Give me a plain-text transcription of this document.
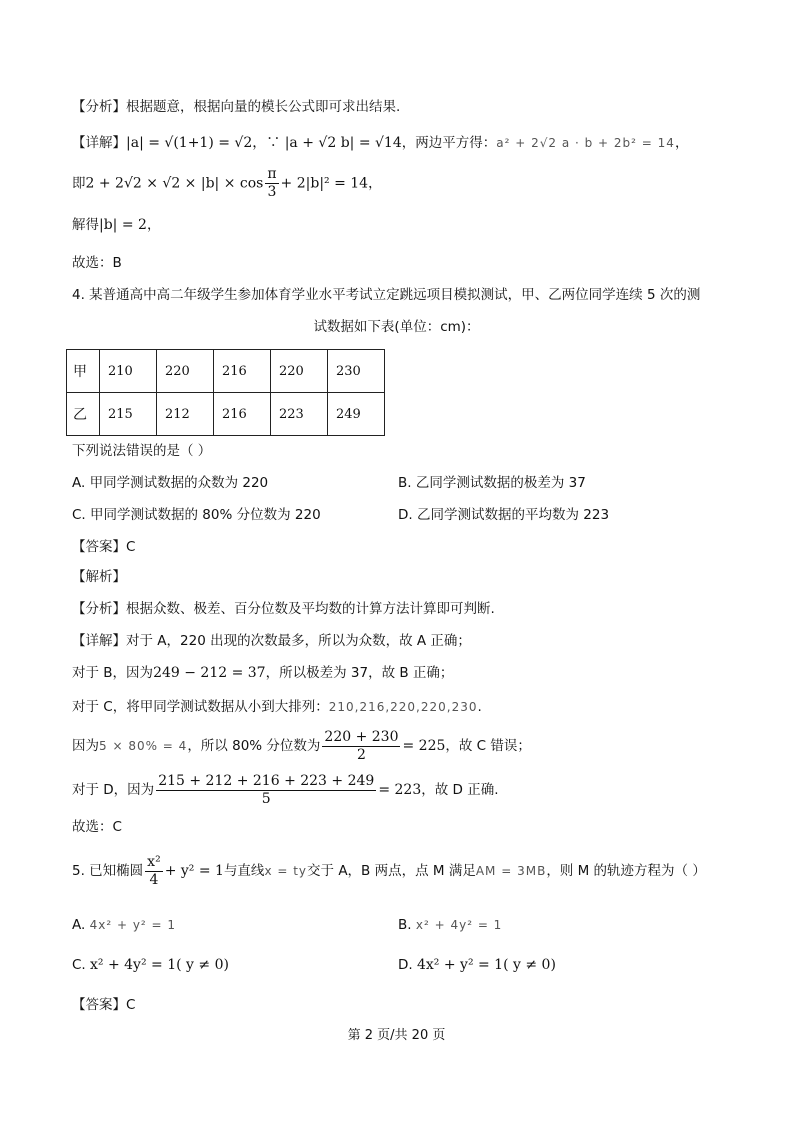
【分析】根据题意，根据向量的模长公式即可求出结果.
【详解】|a| = √(1+1) = √2，∵ |a + √2 b| = √14，两边平方得：a² + 2√2 a · b + 2b² = 14，
即$2 + 2√2 \times √2 \times |b| \times \cos \frac{\pi}{3} + 2|b|^2 = 14$，
解得|b| = 2，
故选：B
4. 某普通高中高二年级学生参加体育学业水平考试立定跳远项目模拟测试，甲、乙两位同学连续 5 次的测
试数据如下表(单位：cm)：
甲	210	220	216	220	230
乙	215	212	216	223	249
下列说法错误的是（ ）
A. 甲同学测试数据的众数为 220	B. 乙同学测试数据的极差为 37
C. 甲同学测试数据的 80% 分位数为 220	D. 乙同学测试数据的平均数为 223
【答案】C
【解析】
【分析】根据众数、极差、百分位数及平均数的计算方法计算即可判断.
【详解】对于 A，220 出现的次数最多，所以为众数，故 A 正确；
对于 B，因为249 − 212 = 37，所以极差为 37，故 B 正确；
对于 C，将甲同学测试数据从小到大排列：210,216,220,220,230.
因为5 × 80% = 4，所以 80% 分位数为 $\frac{220 + 230}{2} = 225$，故 C 错误；
对于 D，因为 $\frac{215 + 212 + 216 + 223 + 249}{5} = 223$，故 D 正确.
故选：C
5. 已知椭圆 $\frac{\text{x²}}{4} + y^2 = 1$与直线x = ty交于 A，B 两点，点 M 满足AM = 3MB，则 M 的轨迹方程为（ ）
A. 4x² + y² = 1	B. x² + 4y² = 1
C. x² + 4y² = 1( y ≠ 0)	D. 4x² + y² = 1( y ≠ 0)
【答案】C
第 2 页/共 20 页
